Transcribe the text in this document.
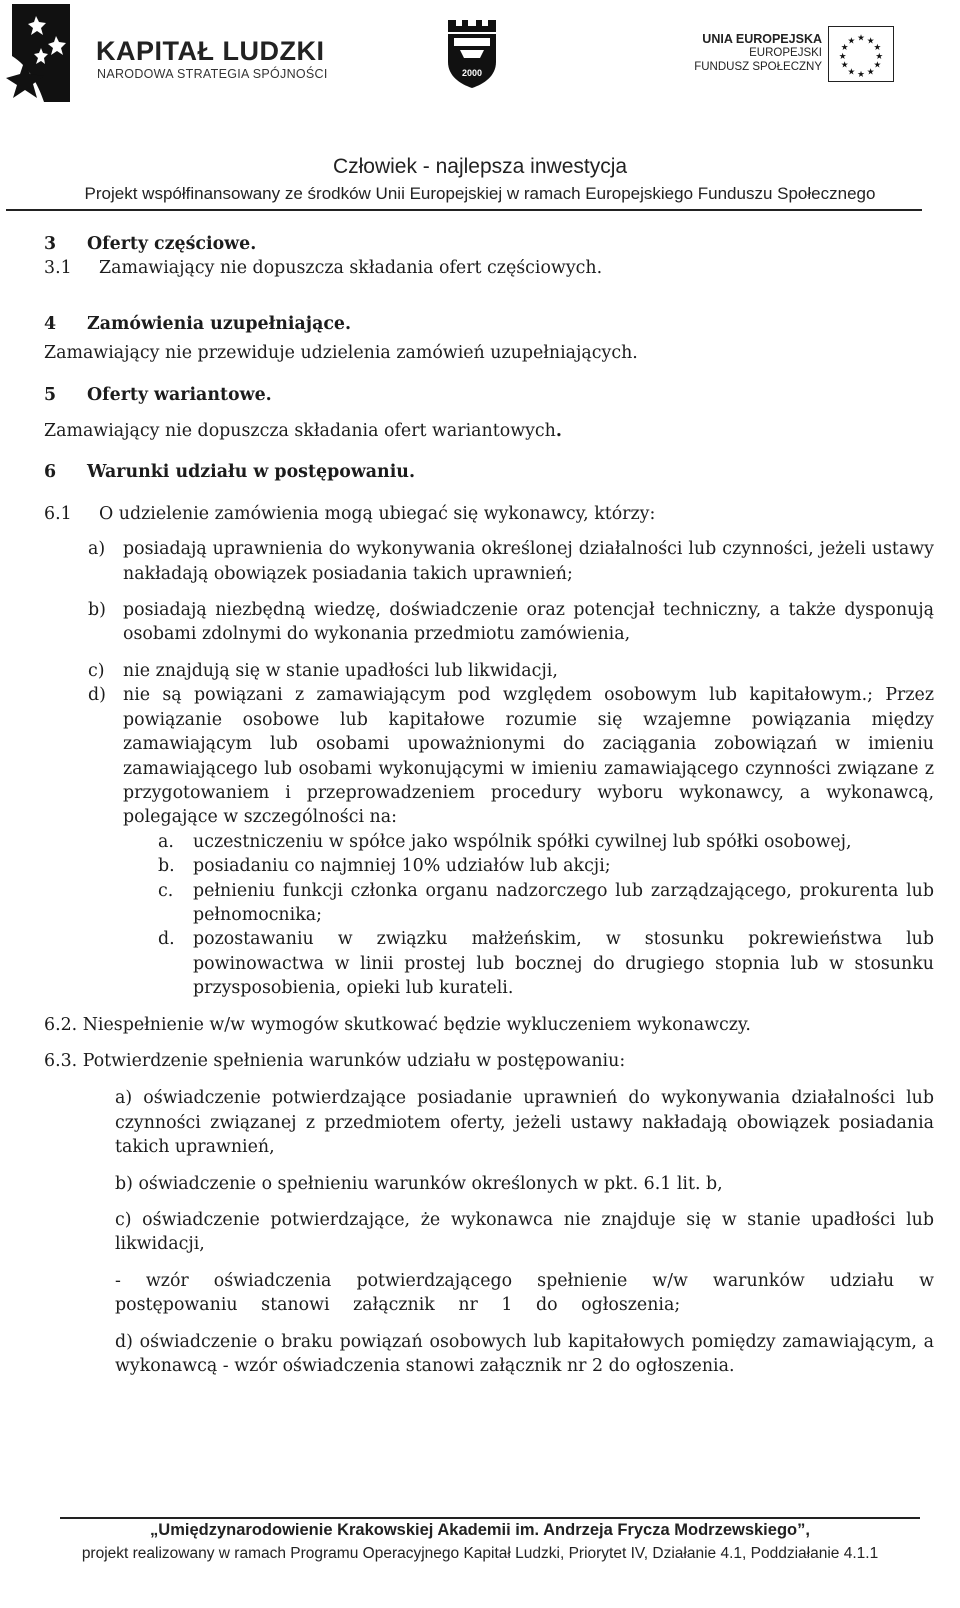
KAPITAŁ LUDZKI
NARODOWA STRATEGIA SPÓJNOŚCI	2000
UNIA EUROPEJSKA
EUROPEJSKI
FUNDUSZ SPOŁECZNY
★ ★
★
★
★
★
★
★
★
★
★
★
Człowiek - najlepsza inwestycja
Projekt współfinansowany ze środków Unii Europejskiej w ramach Europejskiego Funduszu Społecznego
3 Oferty częściowe.
3.1 Zamawiający nie dopuszcza składania ofert częściowych.
4 Zamówienia uzupełniające.
Zamawiający nie przewiduje udzielenia zamówień uzupełniających.
5 Oferty wariantowe.
Zamawiający nie dopuszcza składania ofert wariantowych.
6 Warunki udziału w postępowaniu.
6.1 O udzielenie zamówienia mogą ubiegać się wykonawcy, którzy:
a) posiadają uprawnienia do wykonywania określonej działalności lub czynności, jeżeli ustawy nakładają obowiązek posiadania takich uprawnień;
b) posiadają niezbędną wiedzę, doświadczenie oraz potencjał techniczny, a także dysponują osobami zdolnymi do wykonania przedmiotu zamówienia,
c) nie znajdują się w stanie upadłości lub likwidacji,
d) nie są powiązani z zamawiającym pod względem osobowym lub kapitałowym.; Przez powiązanie osobowe lub kapitałowe rozumie się wzajemne powiązania między zamawiającym lub osobami upoważnionymi do zaciągania zobowiązań w imieniu zamawiającego lub osobami wykonującymi w imieniu zamawiającego czynności związane z przygotowaniem i przeprowadzeniem procedury wyboru wykonawcy, a wykonawcą, polegające w szczególności na:
a. uczestniczeniu w spółce jako wspólnik spółki cywilnej lub spółki osobowej,
b. posiadaniu co najmniej 10% udziałów lub akcji;
c. pełnieniu funkcji członka organu nadzorczego lub zarządzającego, prokurenta lub pełnomocnika;
d. pozostawaniu w związku małżeńskim, w stosunku pokrewieństwa lub powinowactwa w linii prostej lub bocznej do drugiego stopnia lub w stosunku przysposobienia, opieki lub kurateli.
6.2. Niespełnienie w/w wymogów skutkować będzie wykluczeniem wykonawczy.
6.3. Potwierdzenie spełnienia warunków udziału w postępowaniu:
a) oświadczenie potwierdzające posiadanie uprawnień do wykonywania działalności lub czynności związanej z przedmiotem oferty, jeżeli ustawy nakładają obowiązek posiadania takich uprawnień,
b) oświadczenie o spełnieniu warunków określonych w pkt. 6.1 lit. b,
c) oświadczenie potwierdzające, że wykonawca nie znajduje się w stanie upadłości lub likwidacji,
- wzór oświadczenia potwierdzającego spełnienie w/w warunków udziału w postępowaniu stanowi załącznik nr 1 do ogłoszenia;
d) oświadczenie o braku powiązań osobowych lub kapitałowych pomiędzy zamawiającym, a wykonawcą - wzór oświadczenia stanowi załącznik nr 2 do ogłoszenia.
„Umiędzynarodowienie Krakowskiej Akademii im. Andrzeja Frycza Modrzewskiego”,
projekt realizowany w ramach Programu Operacyjnego Kapitał Ludzki, Priorytet IV, Działanie 4.1, Poddziałanie 4.1.1
